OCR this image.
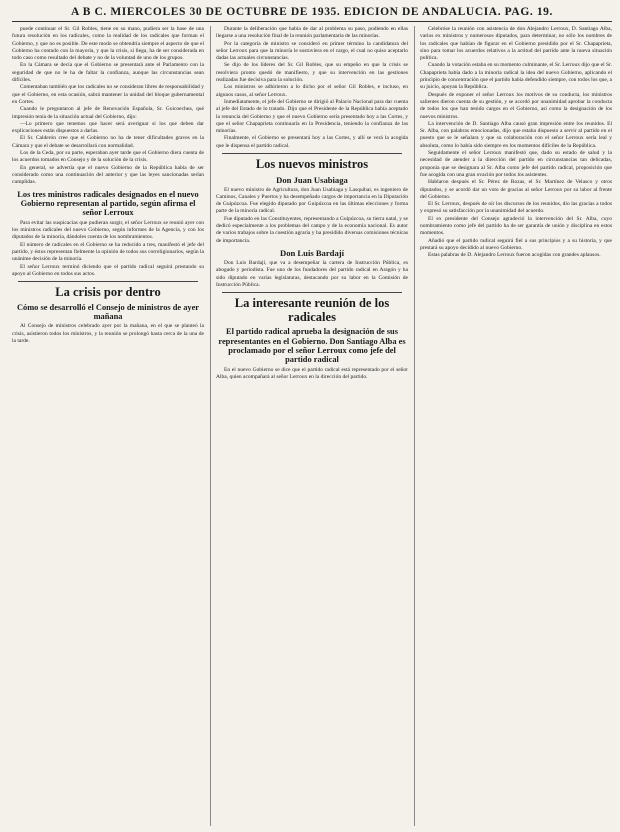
A B C. MIERCOLES 30 DE OCTUBRE DE 1935. EDICION DE ANDALUCIA. PAG. 19.

puede continuar el Sr. Gil Robles, tiene en su mano, pudiera ser la base de una futura resolución en los radicales, como la realidad de los radicales que forman el Gobierno, y que no es posible. De este modo se obtendría siempre el aspecto de que el Gobierno ha contado con la mayoría, y que la crisis, si llega, ha de ser considerada en todo caso como resultado del debate y no de la voluntad de uno de los grupos.

En la Cámara se decía que el Gobierno se presentará ante el Parlamento con la seguridad de que no le ha de faltar la confianza, aunque las circunstancias sean difíciles.

Comentaban también que los radicales no se consideran libres de responsabilidad y que el Gobierno, en esta ocasión, sabrá mantener la unidad del bloque gubernamental en Cortes.

Cuando le preguntaron al jefe de Renovación Española, Sr. Goicoechea, qué impresión tenía de la situación actual del Gobierno, dijo:

—Lo primero que tenemos que hacer será averiguar si los que deben dar explicaciones están dispuestos a darlas.

El Sr. Calderón cree que el Gobierno no ha de tener dificultades graves en la Cámara y que el debate se desarrollará con normalidad.

Los de la Ceda, por su parte, esperaban ayer tarde que el Gobierno diera cuenta de los acuerdos tomados en Consejo y de la solución de la crisis.

En general, se advertía que el nuevo Gobierno de la República había de ser considerado como una continuación del anterior y que las leyes sancionadas serían cumplidas.

Los tres ministros radicales designados en el nuevo Gobierno representan al partido, según afirma el señor Lerroux

Para evitar las suspicacias que pudieran surgir, el señor Lerroux se reunió ayer con los ministros radicales del nuevo Gobierno, según informes de la Agencia, y con los diputados de la minoría, dándoles cuenta de los nombramientos.

El número de radicales en el Gobierno se ha reducido a tres, manifestó el jefe del partido, y éstos representan fielmente la opinión de todos sus correligionarios, según la unánime decisión de la minoría.

El señor Lerroux terminó diciendo que el partido radical seguirá prestando su apoyo al Gobierno en todos sus actos.

La crisis por dentro
Cómo se desarrolló el Consejo de ministros de ayer mañana

Al Consejo de ministros celebrado ayer por la mañana, en el que se planteó la crisis, asistieron todos los ministros, y la reunión se prolongó hasta cerca de la una de la tarde.

Durante la deliberación que había de dar al problema su paso, pudiendo en ellas llegarse a una resolución final de la reunión parlamentaria de las minorías.

Por la categoría de ministro se consideró en primer término la candidatura del señor Lerroux para que la minoría le sostuviera en el cargo, el cual no quiso aceptarlo dadas las actuales circunstancias.

Se dijo de los líderes del Sr. Gil Robles, que su empeño en que la crisis se resolviera pronto quedó de manifiesto, y que su intervención en las gestiones realizadas fue decisiva para la solución.

Los ministros se adhirieron a lo dicho por el señor Gil Robles, e incluso, en algunos casos, al señor Lerroux.

Inmediatamente, el jefe del Gobierno se dirigió al Palacio Nacional para dar cuenta al jefe del Estado de lo tratado. Dijo que el Presidente de la República había aceptado la renuncia del Gobierno y que el nuevo Gobierno sería presentado hoy a las Cortes, y que el señor Chapaprieta continuaría en la Presidencia, teniendo la confianza de las minorías.

Finalmente, el Gobierno se presentará hoy a las Cortes, y allí se verá la acogida que le dispensa el partido radical.

Los nuevos ministros
Don Juan Usabiaga

El nuevo ministro de Agricultura, don Juan Usabiaga y Lasquibar, es ingeniero de Caminos, Canales y Puertos y ha desempeñado cargos de importancia en la Diputación de Guipúzcoa. Fue elegido diputado por Guipúzcoa en las últimas elecciones y forma parte de la minoría radical.

Fue diputado en las Constituyentes, representando a Guipúzcoa, su tierra natal, y se dedicó especialmente a los problemas del campo y de la economía nacional. Es autor de varios trabajos sobre la cuestión agraria y ha presidido diversas comisiones técnicas de importancia.

Don Luis Bardají

Don Luis Bardají, que va a desempeñar la cartera de Instrucción Pública, es abogado y periodista. Fue uno de los fundadores del partido radical en Aragón y ha sido diputado en varias legislaturas, destacando por su labor en la Comisión de Instrucción Pública.

La interesante reunión de los radicales
El partido radical aprueba la designación de sus representantes en el Gobierno. Don Santiago Alba es proclamado por el señor Lerroux como jefe del partido radical

En el nuevo Gobierno se dice que el partido radical está representado por el señor Alba, quien acompañará al señor Lerroux en la dirección del partido.

Celebróse la reunión con asistencia de don Alejandro Lerroux, D. Santiago Alba, varios ex ministros y numerosos diputados, para determinar, no sólo los nombres de los radicales que habían de figurar en el Gobierno presidido por el Sr. Chapaprieta, sino para tomar los acuerdos relativos a la actitud del partido ante la nueva situación política.

Cuando la votación estaba en su momento culminante, el Sr. Lerroux dijo que el Sr. Chapaprieta había dado a la minoría radical la idea del nuevo Gobierno, aplicando el principio de concentración que el partido había defendido siempre, con todos los que, a su juicio, apoyan la República.

Después de exponer el señor Lerroux los motivos de su conducta, los ministros salientes dieron cuenta de su gestión, y se acordó por unanimidad aprobar la conducta de todos los que han tenido cargos en el Gobierno, así como la designación de los nuevos ministros.

La intervención de D. Santiago Alba causó gran impresión entre los reunidos. El Sr. Alba, con palabras emocionadas, dijo que estaba dispuesto a servir al partido en el puesto que se le señalara y que su colaboración con el señor Lerroux sería leal y absoluta, como lo había sido siempre en los momentos difíciles de la República.

Seguidamente el señor Lerroux manifestó que, dado su estado de salud y la necesidad de atender a la dirección del partido en circunstancias tan delicadas, proponía que se designara al Sr. Alba como jefe del partido radical, proposición que fue acogida con una gran ovación por todos los asistentes.

Hablaron después el Sr. Pérez de Rozas, el Sr. Martínez de Velasco y otros diputados, y se acordó dar un voto de gracias al señor Lerroux por su labor al frente del Gobierno.

El Sr. Lerroux, después de oír los discursos de los reunidos, dio las gracias a todos y expresó su satisfacción por la unanimidad del acuerdo.

El ex presidente del Consejo agradeció la intervención del Sr. Alba, cuyo nombramiento como jefe del partido ha de ser garantía de unión y disciplina en estos momentos.

Añadió que el partido radical seguirá fiel a sus principios y a su historia, y que prestará su apoyo decidido al nuevo Gobierno.

Estas palabras de D. Alejandro Lerroux fueron acogidas con grandes aplausos.
